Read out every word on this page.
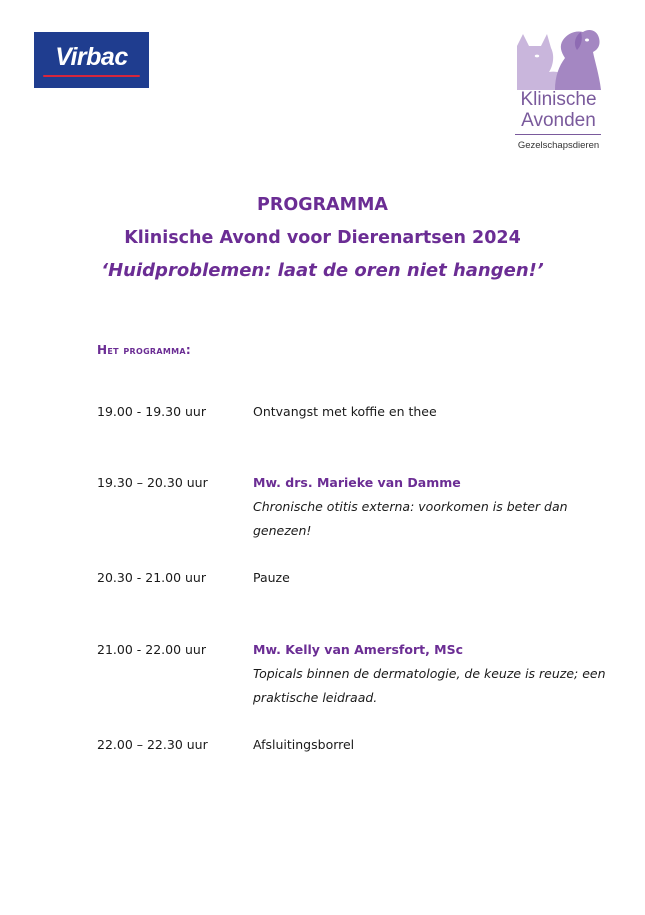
Virbac
Klinische
Avonden
Gezelschapsdieren
PROGRAMMA
Klinische Avond voor Dierenartsen 2024
‘Huidproblemen: laat de oren niet hangen!’
Het programma:
19.00 - 19.30 uur	Ontvangst met koffie en thee
19.30 – 20.30 uur	Mw. drs. Marieke van Damme
Chronische otitis externa: voorkomen is beter dan genezen!
20.30 - 21.00 uur	Pauze
21.00 - 22.00 uur	Mw. Kelly van Amersfort, MSc
Topicals binnen de dermatologie, de keuze is reuze; een praktische leidraad.
22.00 – 22.30 uur	Afsluitingsborrel
